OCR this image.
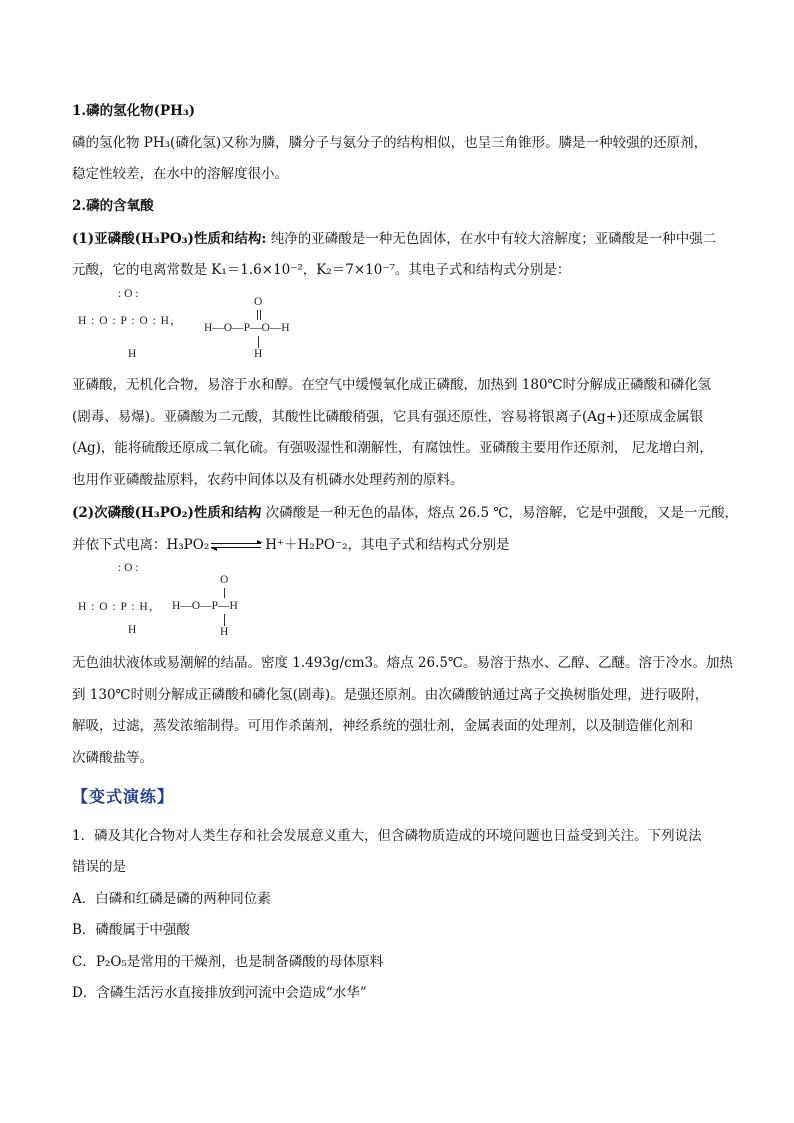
1.磷的氢化物(PH₃)
磷的氢化物 PH₃(磷化氢)又称为膦，膦分子与氨分子的结构相似，也呈三角锥形。膦是一种较强的还原剂，
稳定性较差，在水中的溶解度很小。
2.磷的含氧酸
(1)亚磷酸(H₃PO₃)性质和结构: 纯净的亚磷酸是一种无色固体，在水中有较大溶解度；亚磷酸是一种中强二
元酸，它的电离常数是 K₁＝1.6×10⁻²，K₂＝7×10⁻⁷。其电子式和结构式分别是：
: O :
H : O : P : O : H，
H
O
H—O—P—O—H
H
亚磷酸，无机化合物，易溶于水和醇。在空气中缓慢氧化成正磷酸，加热到 180℃时分解成正磷酸和磷化氢
(剧毒、易爆)。亚磷酸为二元酸，其酸性比磷酸稍强，它具有强还原性，容易将银离子(Ag+)还原成金属银
(Ag)，能将硫酸还原成二氧化硫。有强吸湿性和潮解性，有腐蚀性。亚磷酸主要用作还原剂， 尼龙增白剂，
也用作亚磷酸盐原料，农药中间体以及有机磷水处理药剂的原料。
(2)次磷酸(H₃PO₂)性质和结构 次磷酸是一种无色的晶体，熔点 26.5 ℃，易溶解，它是中强酸，又是一元酸，
并依下式电离：H₃PO₂	H⁺＋H₂PO⁻₂，其电子式和结构式分别是
: O :
H : O : P : H，
H
O
H—O—P—H
H
无色油状液体或易潮解的结晶。密度 1.493g/cm3。熔点 26.5℃。易溶于热水、乙醇、乙醚。溶于冷水。加热
到 130℃时则分解成正磷酸和磷化氢(剧毒)。是强还原剂。由次磷酸钠通过离子交换树脂处理，进行吸附，
解吸，过滤，蒸发浓缩制得。可用作杀菌剂，神经系统的强壮剂，金属表面的处理剂，以及制造催化剂和
次磷酸盐等。
【变式演练】
1．磷及其化合物对人类生存和社会发展意义重大，但含磷物质造成的环境问题也日益受到关注。下列说法
错误的是
A．白磷和红磷是磷的两种同位素
B．磷酸属于中强酸
C．P₂O₅是常用的干燥剂，也是制备磷酸的母体原料
D．含磷生活污水直接排放到河流中会造成“水华”
